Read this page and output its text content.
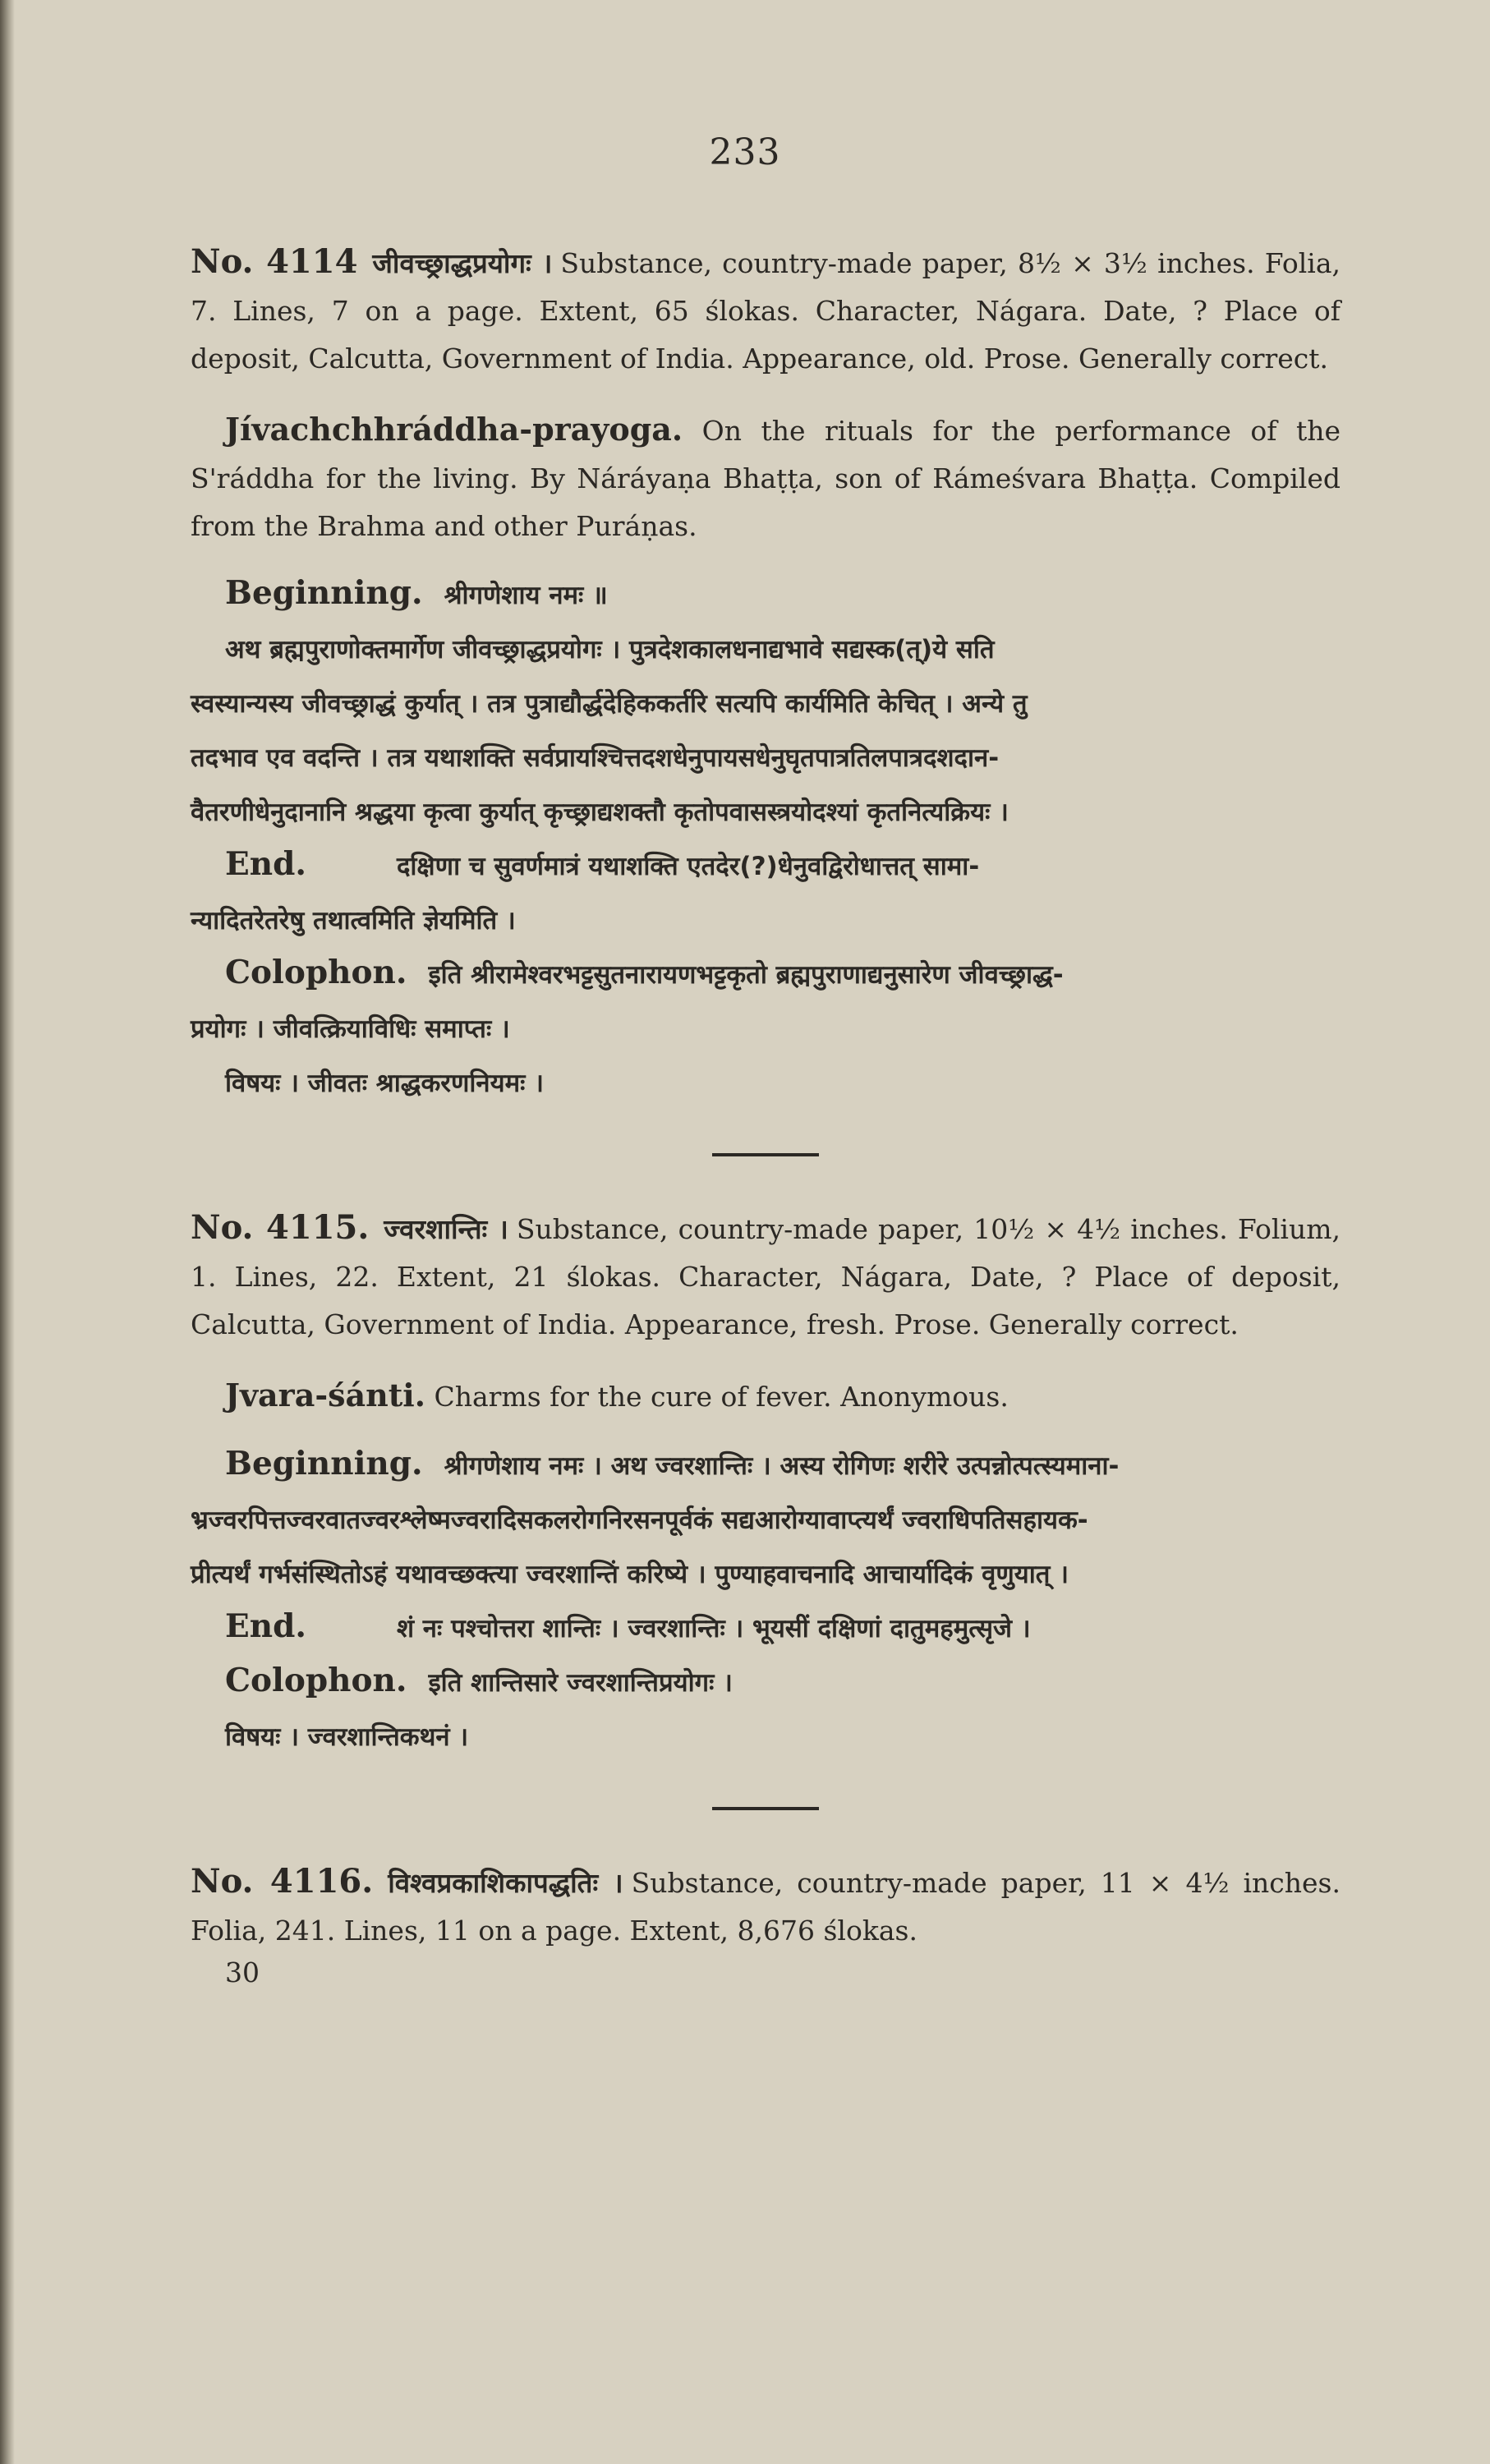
233

No. 4114 जीवच्छ्राद्धप्रयोगः । Substance, country-made paper, 8½ × 3½ inches. Folia, 7. Lines, 7 on a page. Extent, 65 ślokas. Character, Nágara. Date, ? Place of deposit, Calcutta, Government of India. Appearance, old. Prose. Generally correct.

Jívachchhráddha-prayoga. On the rituals for the performance of the S'ráddha for the living. By Náráyaṇa Bhaṭṭa, son of Rámeśvara Bhaṭṭa. Compiled from the Brahma and other Puráṇas.

Beginning. श्रीगणेशाय नमः ॥

अथ ब्रह्मपुराणोक्तमार्गेण जीवच्छ्राद्धप्रयोगः । पुत्रदेशकालधनाद्यभावे सद्यस्क(त्)ये सति

स्वस्यान्यस्य जीवच्छ्राद्धं कुर्यात् । तत्र पुत्राद्यौर्द्धदेहिककर्तरि सत्यपि कार्यमिति केचित् । अन्ये तु

तदभाव एव वदन्ति । तत्र यथाशक्ति सर्वप्रायश्चित्तदशधेनुपायसधेनुघृतपात्रतिलपात्रदशदान-

वैतरणीधेनुदानानि श्रद्धया कृत्वा कुर्यात् कृच्छ्राद्यशक्तौ कृतोपवासस्त्रयोदश्यां कृतनित्यक्रियः ।

End.	दक्षिणा च सुवर्णमात्रं यथाशक्ति एतदेर(?)धेनुवद्विरोधात्तत् सामा-

न्यादितरेतरेषु तथात्वमिति ज्ञेयमिति ।

Colophon. इति श्रीरामेश्वरभट्टसुतनारायणभट्टकृतो ब्रह्मपुराणाद्यनुसारेण जीवच्छ्राद्ध-

प्रयोगः । जीवत्क्रियाविधिः समाप्तः ।

विषयः । जीवतः श्राद्धकरणनियमः ।

No. 4115. ज्वरशान्तिः । Substance, country-made paper, 10½ × 4½ inches. Folium, 1. Lines, 22. Extent, 21 ślokas. Character, Nágara, Date, ? Place of deposit, Calcutta, Government of India. Appearance, fresh. Prose. Generally correct.

Jvara-śánti. Charms for the cure of fever. Anonymous.

Beginning. श्रीगणेशाय नमः । अथ ज्वरशान्तिः । अस्य रोगिणः शरीरे उत्पन्नोत्पत्स्यमाना-

भ्रज्वरपित्तज्वरवातज्वरश्लेष्मज्वरादिसकलरोगनिरसनपूर्वकं सद्यआरोग्यावाप्त्यर्थं ज्वराधिपतिसहायक-

प्रीत्यर्थं गर्भसंस्थितोऽहं यथावच्छक्त्या ज्वरशान्तिं करिष्ये । पुण्याहवाचनादि आचार्यादिकं वृणुयात् ।

End.	शं नः पश्चोत्तरा शान्तिः । ज्वरशान्तिः । भूयसीं दक्षिणां दातुमहमुत्सृजे ।
Colophon. इति शान्तिसारे ज्वरशान्तिप्रयोगः ।

विषयः । ज्वरशान्तिकथनं ।

No. 4116. विश्वप्रकाशिकापद्धतिः । Substance, country-made paper, 11 × 4½ inches. Folia, 241. Lines, 11 on a page. Extent, 8,676 ślokas.

30
